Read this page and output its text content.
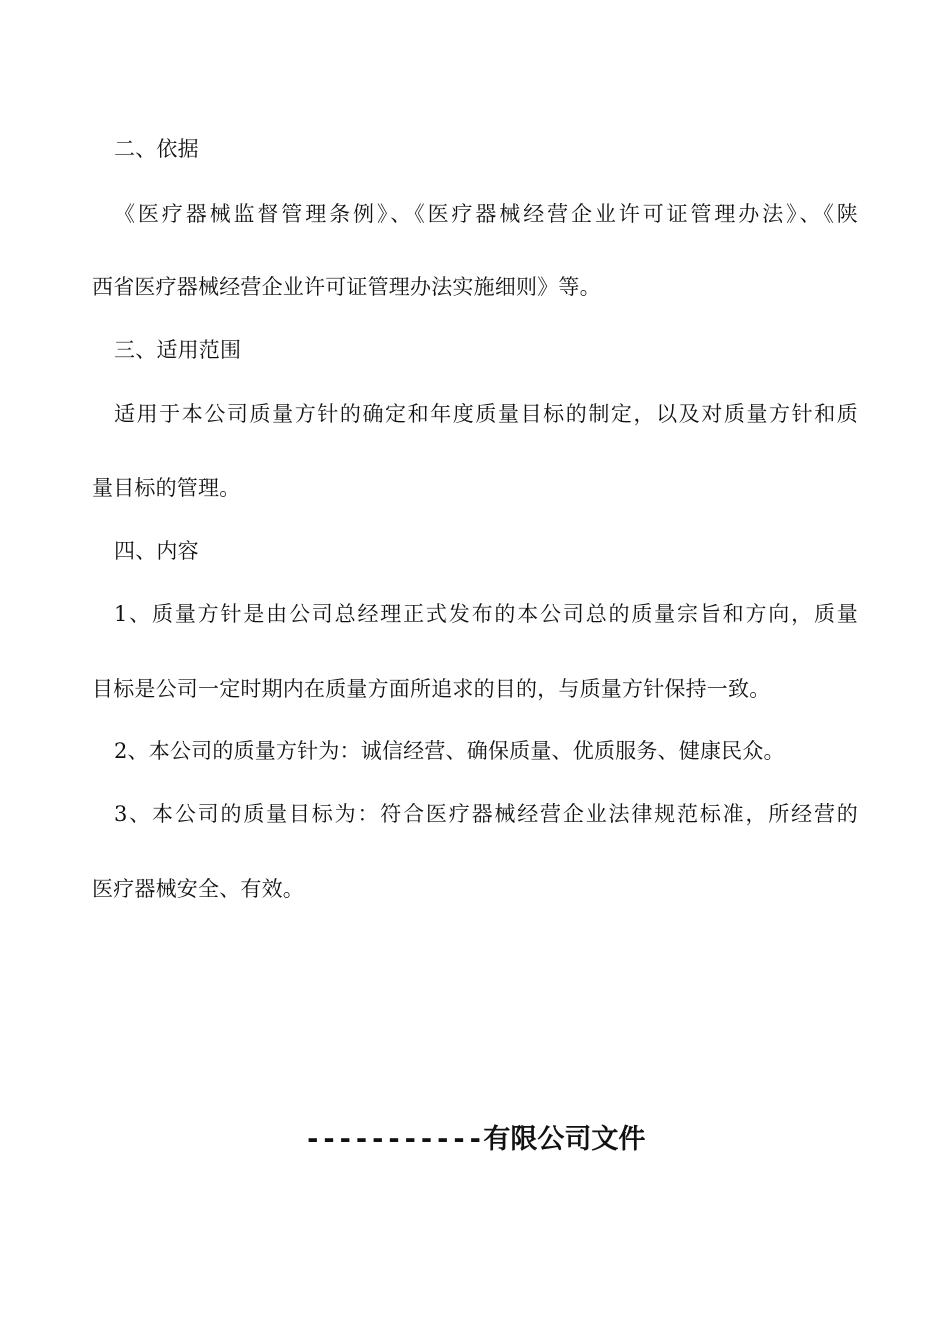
二、依据
《医疗器械监督管理条例》、《医疗器械经营企业许可证管理办法》、《陕
西省医疗器械经营企业许可证管理办法实施细则》等。
三、适用范围
适用于本公司质量方针的确定和年度质量目标的制定，以及对质量方针和质
量目标的管理。
四、内容
1、质量方针是由公司总经理正式发布的本公司总的质量宗旨和方向，质量
目标是公司一定时期内在质量方面所追求的目的，与质量方针保持一致。
2、本公司的质量方针为：诚信经营、确保质量、优质服务、健康民众。
3、本公司的质量目标为：符合医疗器械经营企业法律规范标准，所经营的
医疗器械安全、有效。
-----------有限公司文件
